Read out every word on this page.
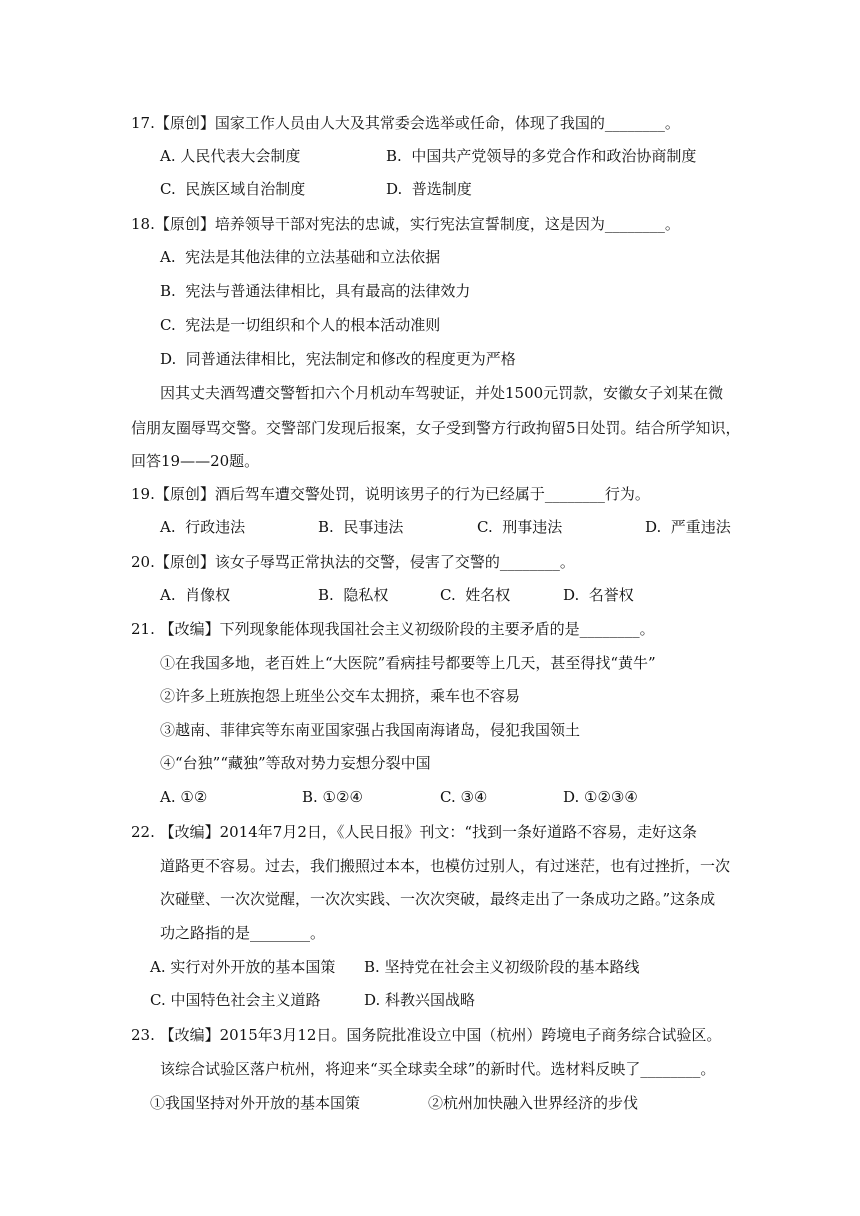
17.【原创】国家工作人员由人大及其常委会选举或任命，体现了我国的________。
A. 人民代表大会制度	B.  中国共产党领导的多党合作和政治协商制度
C.  民族区域自治制度	D.  普选制度
18.【原创】培养领导干部对宪法的忠诚，实行宪法宣誓制度，这是因为________。
A.  宪法是其他法律的立法基础和立法依据
B.  宪法与普通法律相比，具有最高的法律效力
C.  宪法是一切组织和个人的根本活动准则
D.  同普通法律相比，宪法制定和修改的程度更为严格
因其丈夫酒驾遭交警暂扣六个月机动车驾驶证，并处1500元罚款，安徽女子刘某在微
信朋友圈辱骂交警。交警部门发现后报案，女子受到警方行政拘留5日处罚。结合所学知识，
回答19——20题。
19.【原创】酒后驾车遭交警处罚，说明该男子的行为已经属于________行为。
A.  行政违法	B.  民事违法	C.  刑事违法	D.  严重违法
20.【原创】该女子辱骂正常执法的交警，侵害了交警的________。
A.  肖像权	B.  隐私权	C.  姓名权	D.  名誉权
21. 【改编】下列现象能体现我国社会主义初级阶段的主要矛盾的是________。
①在我国多地，老百姓上“大医院”看病挂号都要等上几天，甚至得找“黄牛”
②许多上班族抱怨上班坐公交车太拥挤，乘车也不容易
③越南、菲律宾等东南亚国家强占我国南海诸岛，侵犯我国领土
④“台独”“藏独”等敌对势力妄想分裂中国
A. ①②	B. ①②④	C. ③④	D. ①②③④
22. 【改编】2014年7月2日，《人民日报》刊文：“找到一条好道路不容易，走好这条
道路更不容易。过去，我们搬照过本本，也模仿过别人，有过迷茫，也有过挫折，一次
次碰壁、一次次觉醒，一次次实践、一次次突破，最终走出了一条成功之路。”这条成
功之路指的是________。
A. 实行对外开放的基本国策 B. 坚持党在社会主义初级阶段的基本路线
C. 中国特色社会主义道路	D. 科教兴国战略
23. 【改编】2015年3月12日。国务院批准设立中国（杭州）跨境电子商务综合试验区。
该综合试验区落户杭州，将迎来“买全球卖全球”的新时代。选材料反映了________。
①我国坚持对外开放的基本国策	②杭州加快融入世界经济的步伐
